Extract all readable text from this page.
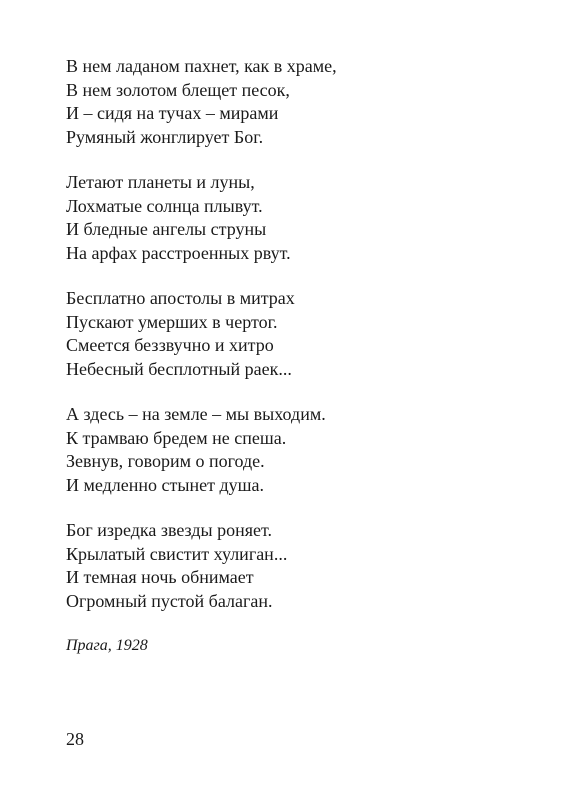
В нем ладаном пахнет, как в храме,
В нем золотом блещет песок,
И – сидя на тучах – мирами
Румяный жонглирует Бог.
Летают планеты и луны,
Лохматые солнца плывут.
И бледные ангелы струны
На арфах расстроенных рвут.
Бесплатно апостолы в митрах
Пускают умерших в чертог.
Смеется беззвучно и хитро
Небесный бесплотный раек...
А здесь – на земле – мы выходим.
К трамваю бредем не спеша.
Зевнув, говорим о погоде.
И медленно стынет душа.
Бог изредка звезды роняет.
Крылатый свистит хулиган...
И темная ночь обнимает
Огромный пустой балаган.
Прага, 1928
28
